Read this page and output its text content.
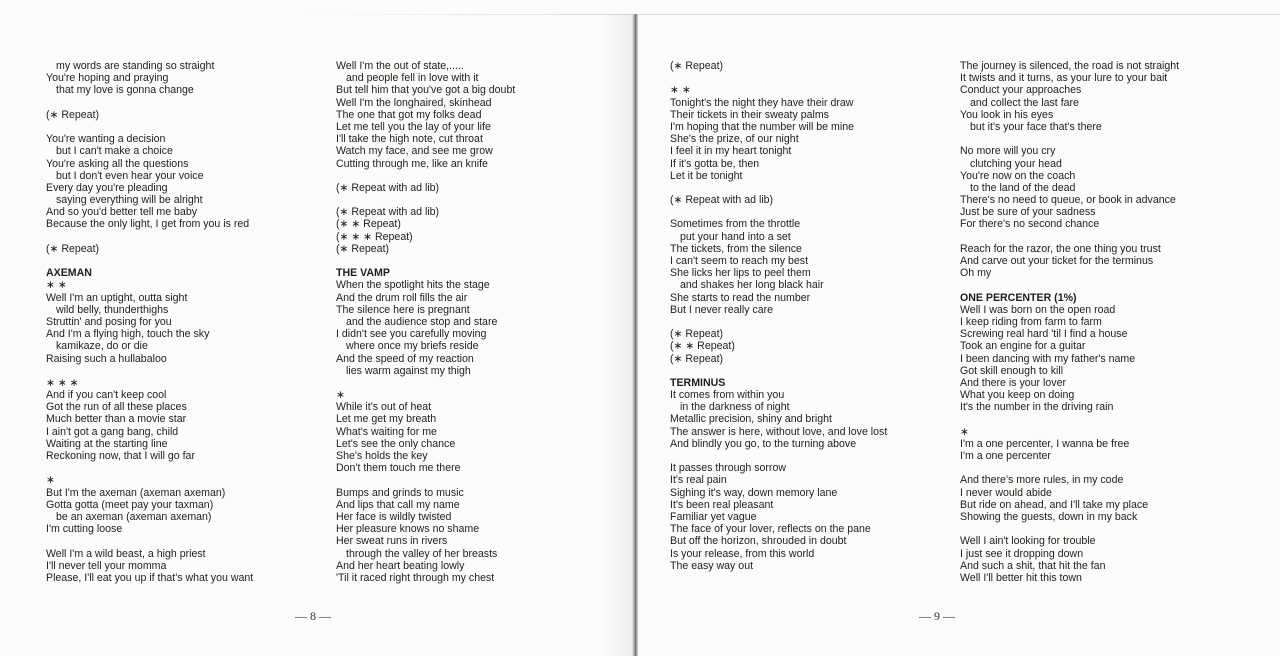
my words are standing so straight
You're hoping and praying
that my love is gonna change
(∗ Repeat)
You're wanting a decision
but I can't make a choice
You're asking all the questions
but I don't even hear your voice
Every day you're pleading
saying everything will be alright
And so you'd better tell me baby
Because the only light, I get from you is red
(∗ Repeat)
AXEMAN
∗ ∗
Well I'm an uptight, outta sight
wild belly, thunderthighs
Struttin' and posing for you
And I'm a flying high, touch the sky
kamikaze, do or die
Raising such a hullabaloo
∗ ∗ ∗
And if you can't keep cool
Got the run of all these places
Much better than a movie star
I ain't got a gang bang, child
Waiting at the starting line
Reckoning now, that I will go far
∗
But I'm the axeman (axeman axeman)
Gotta gotta (meet pay your taxman)
be an axeman (axeman axeman)
I'm cutting loose
Well I'm a wild beast, a high priest
I'll never tell your momma
Please, I'll eat you up if that's what you want
Well I'm the out of state,.....
and people fell in love with it
But tell him that you've got a big doubt
Well I'm the longhaired, skinhead
The one that got my folks dead
Let me tell you the lay of your life
I'll take the high note, cut throat
Watch my face, and see me grow
Cutting through me, like an knife
(∗ Repeat with ad lib)
(∗ Repeat with ad lib)
(∗ ∗ Repeat)
(∗ ∗ ∗ Repeat)
(∗ Repeat)
THE VAMP
When the spotlight hits the stage
And the drum roll fills the air
The silence here is pregnant
and the audience stop and stare
I didn't see you carefully moving
where once my briefs reside
And the speed of my reaction
lies warm against my thigh
∗
While it's out of heat
Let me get my breath
What's waiting for me
Let's see the only chance
She's holds the key
Don't them touch me there
Bumps and grinds to music
And lips that call my name
Her face is wildly twisted
Her pleasure knows no shame
Her sweat runs in rivers
through the valley of her breasts
And her heart beating lowly
'Til it raced right through my chest
(∗ Repeat)
∗ ∗
Tonight's the night they have their draw
Their tickets in their sweaty palms
I'm hoping that the number will be mine
She's the prize, of our night
I feel it in my heart tonight
If it's gotta be, then
Let it be tonight
(∗ Repeat with ad lib)
Sometimes from the throttle
put your hand into a set
The tickets, from the silence
I can't seem to reach my best
She licks her lips to peel them
and shakes her long black hair
She starts to read the number
But I never really care
(∗ Repeat)
(∗ ∗ Repeat)
(∗ Repeat)
TERMINUS
It comes from within you
in the darkness of night
Metallic precision, shiny and bright
The answer is here, without love, and love lost
And blindly you go, to the turning above
It passes through sorrow
It's real pain
Sighing it's way, down memory lane
It's been real pleasant
Familiar yet vague
The face of your lover, reflects on the pane
But off the horizon, shrouded in doubt
Is your release, from this world
The easy way out
The journey is silenced, the road is not straight
It twists and it turns, as your lure to your bait
Conduct your approaches
and collect the last fare
You look in his eyes
but it's your face that's there
No more will you cry
clutching your head
You're now on the coach
to the land of the dead
There's no need to queue, or book in advance
Just be sure of your sadness
For there's no second chance
Reach for the razor, the one thing you trust
And carve out your ticket for the terminus
Oh my
ONE PERCENTER (1%)
Well I was born on the open road
I keep riding from farm to farm
Screwing real hard 'til I find a house
Took an engine for a guitar
I been dancing with my father's name
Got skill enough to kill
And there is your lover
What you keep on doing
It's the number in the driving rain
∗
I'm a one percenter, I wanna be free
I'm a one percenter
And there's more rules, in my code
I never would abide
But ride on ahead, and I'll take my place
Showing the guests, down in my back
Well I ain't looking for trouble
I just see it dropping down
And such a shit, that hit the fan
Well I'll better hit this town
— 8 —	— 9 —
